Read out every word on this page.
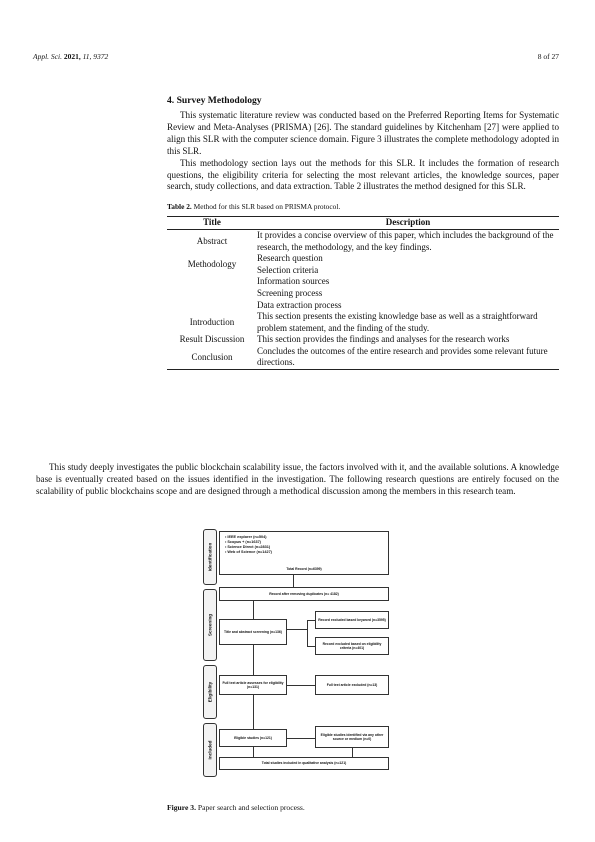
Appl. Sci. 2021, 11, 9372	8 of 27
4. Survey Methodology

This systematic literature review was conducted based on the Preferred Reporting Items for Systematic Review and Meta-Analyses (PRISMA) [26]. The standard guidelines by Kitchenham [27] were applied to align this SLR with the computer science domain. Figure 3 illustrates the complete methodology adopted in this SLR.

This methodology section lays out the methods for this SLR. It includes the formation of research questions, the eligibility criteria for selecting the most relevant articles, the knowledge sources, paper search, study collections, and data extraction. Table 2 illustrates the method designed for this SLR.

Table 2. Method for this SLR based on PRISMA protocol.
Title	Description
Abstract	It provides a concise overview of this paper, which includes the background of the research, the methodology, and the key findings.
Methodology	Research question
	Selection criteria
	Information sources
	Screening process
	Data extraction process
Introduction	This section presents the existing knowledge base as well as a straightforward problem statement, and the finding of the study.
Result Discussion	This section provides the findings and analyses for the research works
Conclusion	Concludes the outcomes of the entire research and provides some relevant future directions.

This study deeply investigates the public blockchain scalability issue, the factors involved with it, and the available solutions. A knowledge base is eventually created based on the issues identified in the investigation. The following research questions are entirely focused on the scalability of public blockchains scope and are designed through a methodical discussion among the members in this research team.

Identification
Screening
Eligibility
Included
Total Record (n=6399)
• IEEE explorer (n=504)
• Scopus + (n=1637)
• Science Direct (n=2831)
• Web of Science (n=1427)
Record after removing duplicates (n= 4182)
Title and abstract screening (n=136)
Record excluded based keyword (n=3595)
Record excluded based on eligibility criteria (n=401)
Full text article assesses for eligibility (n=131)
Full text article excluded (n=13)
Eligible studies (n=121)
Eligible studies identified via any other source or medium (n=0)
Total studies included in qualitative analysis (n=121)
Figure 3. Paper search and selection process.
